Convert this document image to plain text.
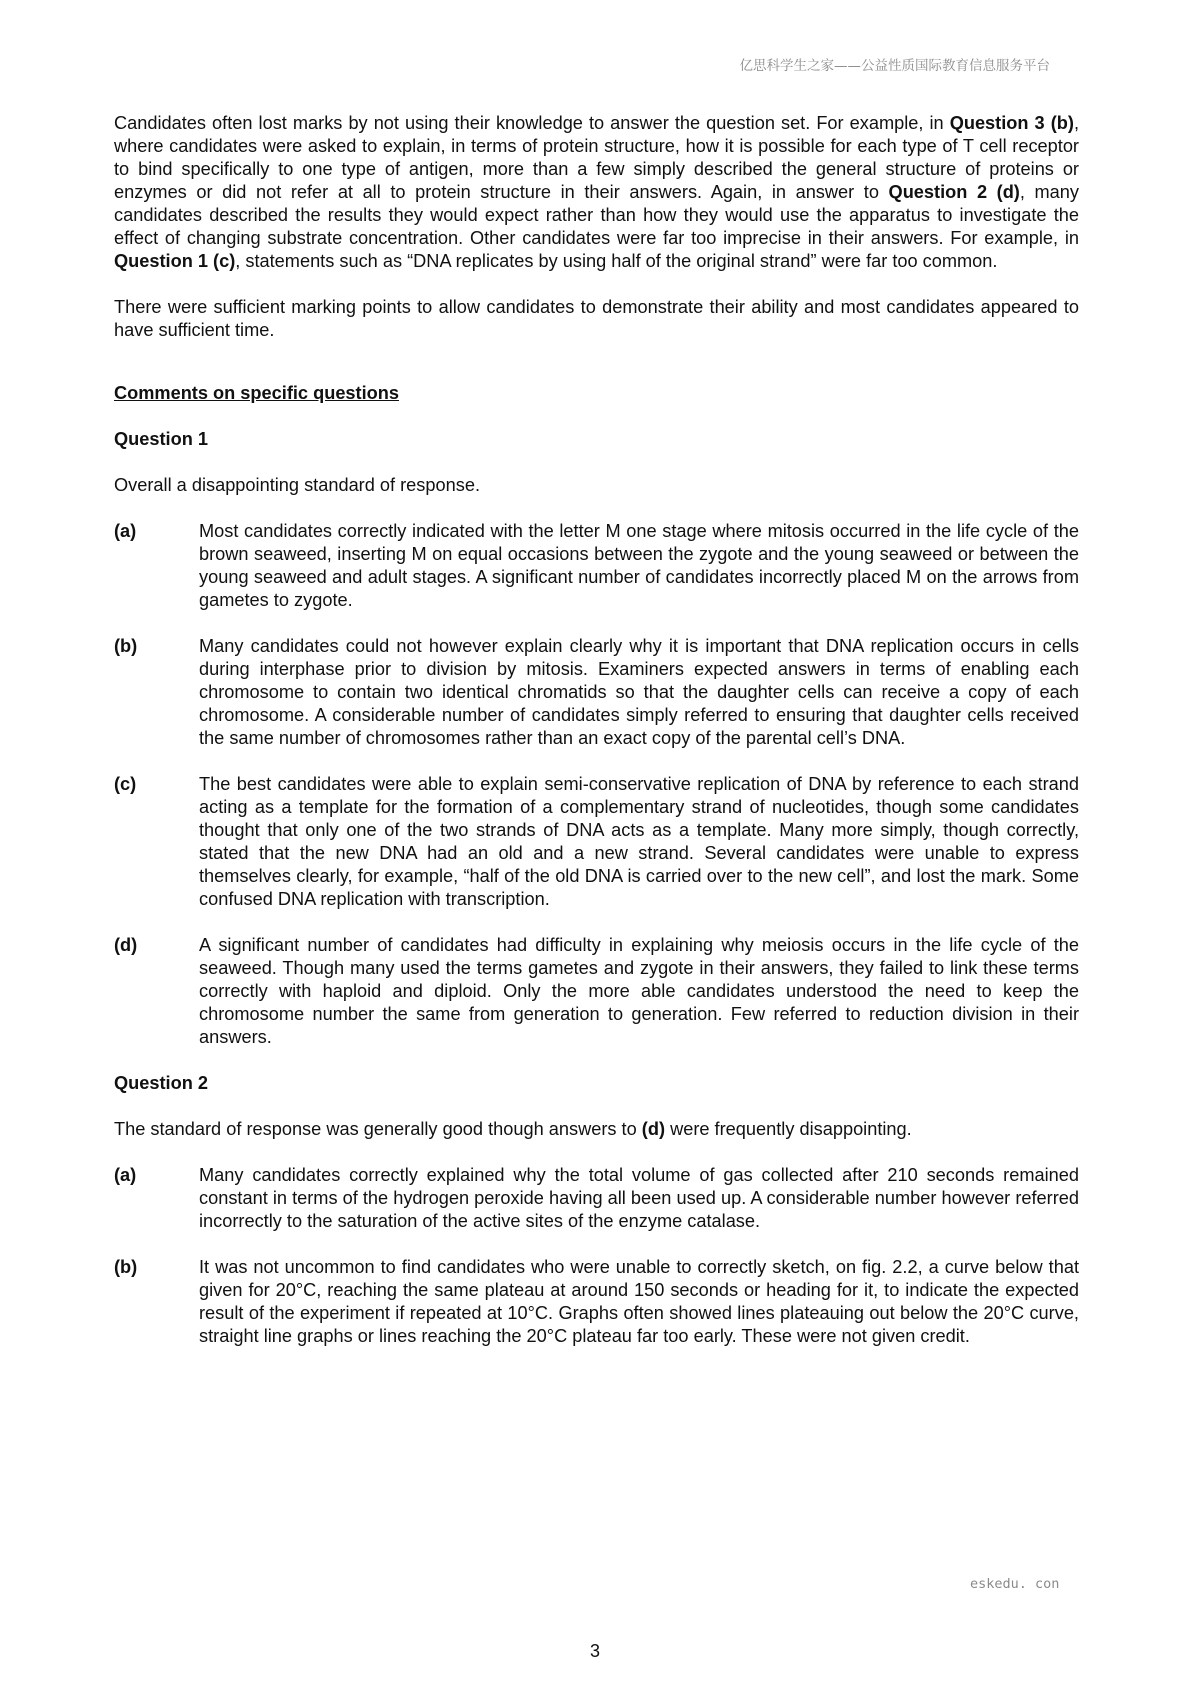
亿思科学生之家——公益性质国际教育信息服务平台

Candidates often lost marks by not using their knowledge to answer the question set. For example, in Question 3 (b), where candidates were asked to explain, in terms of protein structure, how it is possible for each type of T cell receptor to bind specifically to one type of antigen, more than a few simply described the general structure of proteins or enzymes or did not refer at all to protein structure in their answers. Again, in answer to Question 2 (d), many candidates described the results they would expect rather than how they would use the apparatus to investigate the effect of changing substrate concentration. Other candidates were far too imprecise in their answers. For example, in Question 1 (c), statements such as “DNA replicates by using half of the original strand” were far too common.

There were sufficient marking points to allow candidates to demonstrate their ability and most candidates appeared to have sufficient time.

Comments on specific questions
Question 1

Overall a disappointing standard of response.

(a)	Most candidates correctly indicated with the letter M one stage where mitosis occurred in the life cycle of the brown seaweed, inserting M on equal occasions between the zygote and the young seaweed or between the young seaweed and adult stages. A significant number of candidates incorrectly placed M on the arrows from gametes to zygote.
(b)	Many candidates could not however explain clearly why it is important that DNA replication occurs in cells during interphase prior to division by mitosis. Examiners expected answers in terms of enabling each chromosome to contain two identical chromatids so that the daughter cells can receive a copy of each chromosome. A considerable number of candidates simply referred to ensuring that daughter cells received the same number of chromosomes rather than an exact copy of the parental cell’s DNA.
(c)	The best candidates were able to explain semi-conservative replication of DNA by reference to each strand acting as a template for the formation of a complementary strand of nucleotides, though some candidates thought that only one of the two strands of DNA acts as a template. Many more simply, though correctly, stated that the new DNA had an old and a new strand. Several candidates were unable to express themselves clearly, for example, “half of the old DNA is carried over to the new cell”, and lost the mark. Some confused DNA replication with transcription.
(d)	A significant number of candidates had difficulty in explaining why meiosis occurs in the life cycle of the seaweed. Though many used the terms gametes and zygote in their answers, they failed to link these terms correctly with haploid and diploid. Only the more able candidates understood the need to keep the chromosome number the same from generation to generation. Few referred to reduction division in their answers.
Question 2

The standard of response was generally good though answers to (d) were frequently disappointing.

(a)	Many candidates correctly explained why the total volume of gas collected after 210 seconds remained constant in terms of the hydrogen peroxide having all been used up. A considerable number however referred incorrectly to the saturation of the active sites of the enzyme catalase.
(b)	It was not uncommon to find candidates who were unable to correctly sketch, on fig. 2.2, a curve below that given for 20°C, reaching the same plateau at around 150 seconds or heading for it, to indicate the expected result of the experiment if repeated at 10°C. Graphs often showed lines plateauing out below the 20°C curve, straight line graphs or lines reaching the 20°C plateau far too early. These were not given credit.
eskedu. con
3
